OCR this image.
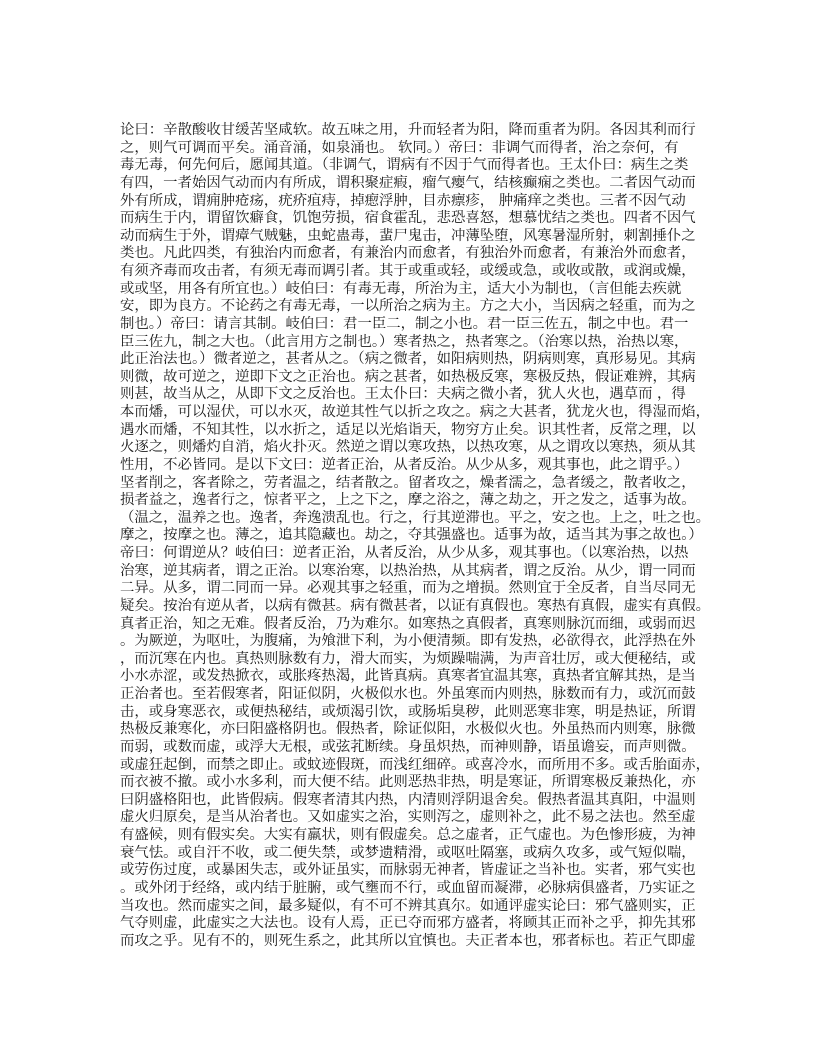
论曰：辛散酸收甘缓苦坚咸软。故五味之用，升而轻者为阳，降而重者为阴。各因其利而行
之，则气可调而平矣。涌音涌，如泉涌也。 软同。）帝曰：非调气而得者，治之奈何，有
毒无毒，何先何后，愿闻其道。（非调气，谓病有不因于气而得者也。王太仆曰：病生之类
有四，一者始因气动而内有所成，谓积聚症瘕，瘤气瘿气，结核癫痫之类也。二者因气动而
外有所成，谓痈肿疮疡，疣疥疽痔，掉瘛浮肿，目赤瘭疹， 肿痛痒之类也。三者不因气动
而病生于内，谓留饮癖食，饥饱劳损，宿食霍乱，悲恐喜怒，想慕忧结之类也。四者不因气
动而病生于外，谓瘴气贼魅，虫蛇蛊毒，蜚尸鬼击，冲薄坠堕，风寒暑湿所射，刺割捶仆之
类也。凡此四类，有独治内而愈者，有兼治内而愈者，有独治外而愈者，有兼治外而愈者，
有须齐毒而攻击者，有须无毒而调引者。其于或重或轻，或缓或急，或收或散，或润或燥，
或或坚，用各有所宜也。）岐伯曰：有毒无毒，所治为主，适大小为制也，（言但能去疾就
安，即为良方。不论药之有毒无毒，一以所治之病为主。方之大小，当因病之轻重，而为之
制也。）帝曰：请言其制。岐伯曰：君一臣二，制之小也。君一臣三佐五，制之中也。君一
臣三佐九，制之大也。（此言用方之制也。）寒者热之，热者寒之。（治寒以热，治热以寒，
此正治法也。）微者逆之，甚者从之。（病之微者，如阳病则热，阴病则寒，真形易见。其病
则微，故可逆之，逆即下文之正治也。病之甚者，如热极反寒，寒极反热，假证难辨，其病
则甚，故当从之，从即下文之反治也。王太仆曰：夫病之微小者，犹人火也，遇草而 ，得
本而燔，可以湿伏，可以水灭，故逆其性气以折之攻之。病之大甚者，犹龙火也，得湿而焰，
遇水而燔，不知其性，以水折之，适足以光焰诣天，物穷方止矣。识其性者，反常之理，以
火逐之，则燔灼自消，焰火扑灭。然逆之谓以寒攻热，以热攻寒，从之谓攻以寒热，须从其
性用，不必皆同。是以下文曰：逆者正治，从者反治。从少从多，观其事也，此之谓乎。）
坚者削之，客者除之，劳者温之，结者散之。留者攻之，燥者濡之，急者缓之，散者收之，
损者益之，逸者行之，惊者平之，上之下之，摩之浴之，薄之劫之，开之发之，适事为故。
（温之，温养之也。逸者，奔逸溃乱也。行之，行其逆滞也。平之，安之也。上之，吐之也。
摩之，按摩之也。薄之，追其隐藏也。劫之，夺其强盛也。适事为故，适当其为事之故也。）
帝曰：何谓逆从？岐伯曰：逆者正治，从者反治，从少从多，观其事也。（以寒治热，以热
治寒，逆其病者，谓之正治。以寒治寒，以热治热，从其病者，谓之反治。从少，谓一同而
二异。从多，谓二同而一异。必观其事之轻重，而为之增损。然则宜于全反者，自当尽同无
疑矣。按治有逆从者，以病有微甚。病有微甚者，以证有真假也。寒热有真假，虚实有真假。
真者正治，知之无难。假者反治，乃为难尔。如寒热之真假者，真寒则脉沉而细，或弱而迟
。为厥逆，为呕吐，为腹痛，为飧泄下利，为小便清频。即有发热，必欲得衣，此浮热在外
，而沉寒在内也。真热则脉数有力，滑大而实，为烦躁喘满，为声音壮厉，或大便秘结，或
小水赤涩，或发热掀衣，或胀疼热渴，此皆真病。真寒者宜温其寒，真热者宜解其热，是当
正治者也。至若假寒者，阳证似阴，火极似水也。外虽寒而内则热，脉数而有力，或沉而鼓
击，或身寒恶衣，或便热秘结，或烦渴引饮，或肠垢臭秽，此则恶寒非寒，明是热证，所谓
热极反兼寒化，亦曰阳盛格阴也。假热者，除证似阳，水极似火也。外虽热而内则寒，脉微
而弱，或数而虚，或浮大无根，或弦芤断续。身虽炽热，而神则静，语虽谵妄，而声则微。
或虚狂起倒，而禁之即止。或蚊迹假斑，而浅红细碎。或喜冷水，而所用不多。或舌胎面赤，
而衣被不撤。或小水多利，而大便不结。此则恶热非热，明是寒证，所谓寒极反兼热化，亦
曰阴盛格阳也，此皆假病。假寒者清其内热，内清则浮阴退舍矣。假热者温其真阳，中温则
虚火归原矣，是当从治者也。又如虚实之治，实则泻之，虚则补之，此不易之法也。然至虚
有盛候，则有假实矣。大实有羸状，则有假虚矣。总之虚者，正气虚也。为色惨形疲，为神
衰气怯。或自汗不收，或二便失禁，或梦遗精滑，或呕吐隔塞，或病久攻多，或气短似喘，
或劳伤过度，或暴困失志，或外证虽实，而脉弱无神者，皆虚证之当补也。实者，邪气实也
。或外闭于经络，或内结于脏腑，或气壅而不行，或血留而凝滞，必脉病俱盛者，乃实证之
当攻也。然而虚实之间，最多疑似，有不可不辨其真尔。如通评虚实论曰：邪气盛则实，正
气夺则虚，此虚实之大法也。设有人焉，正已夺而邪方盛者，将顾其正而补之乎，抑先其邪
而攻之乎。见有不的，则死生系之，此其所以宜慎也。夫正者本也，邪者标也。若正气即虚
